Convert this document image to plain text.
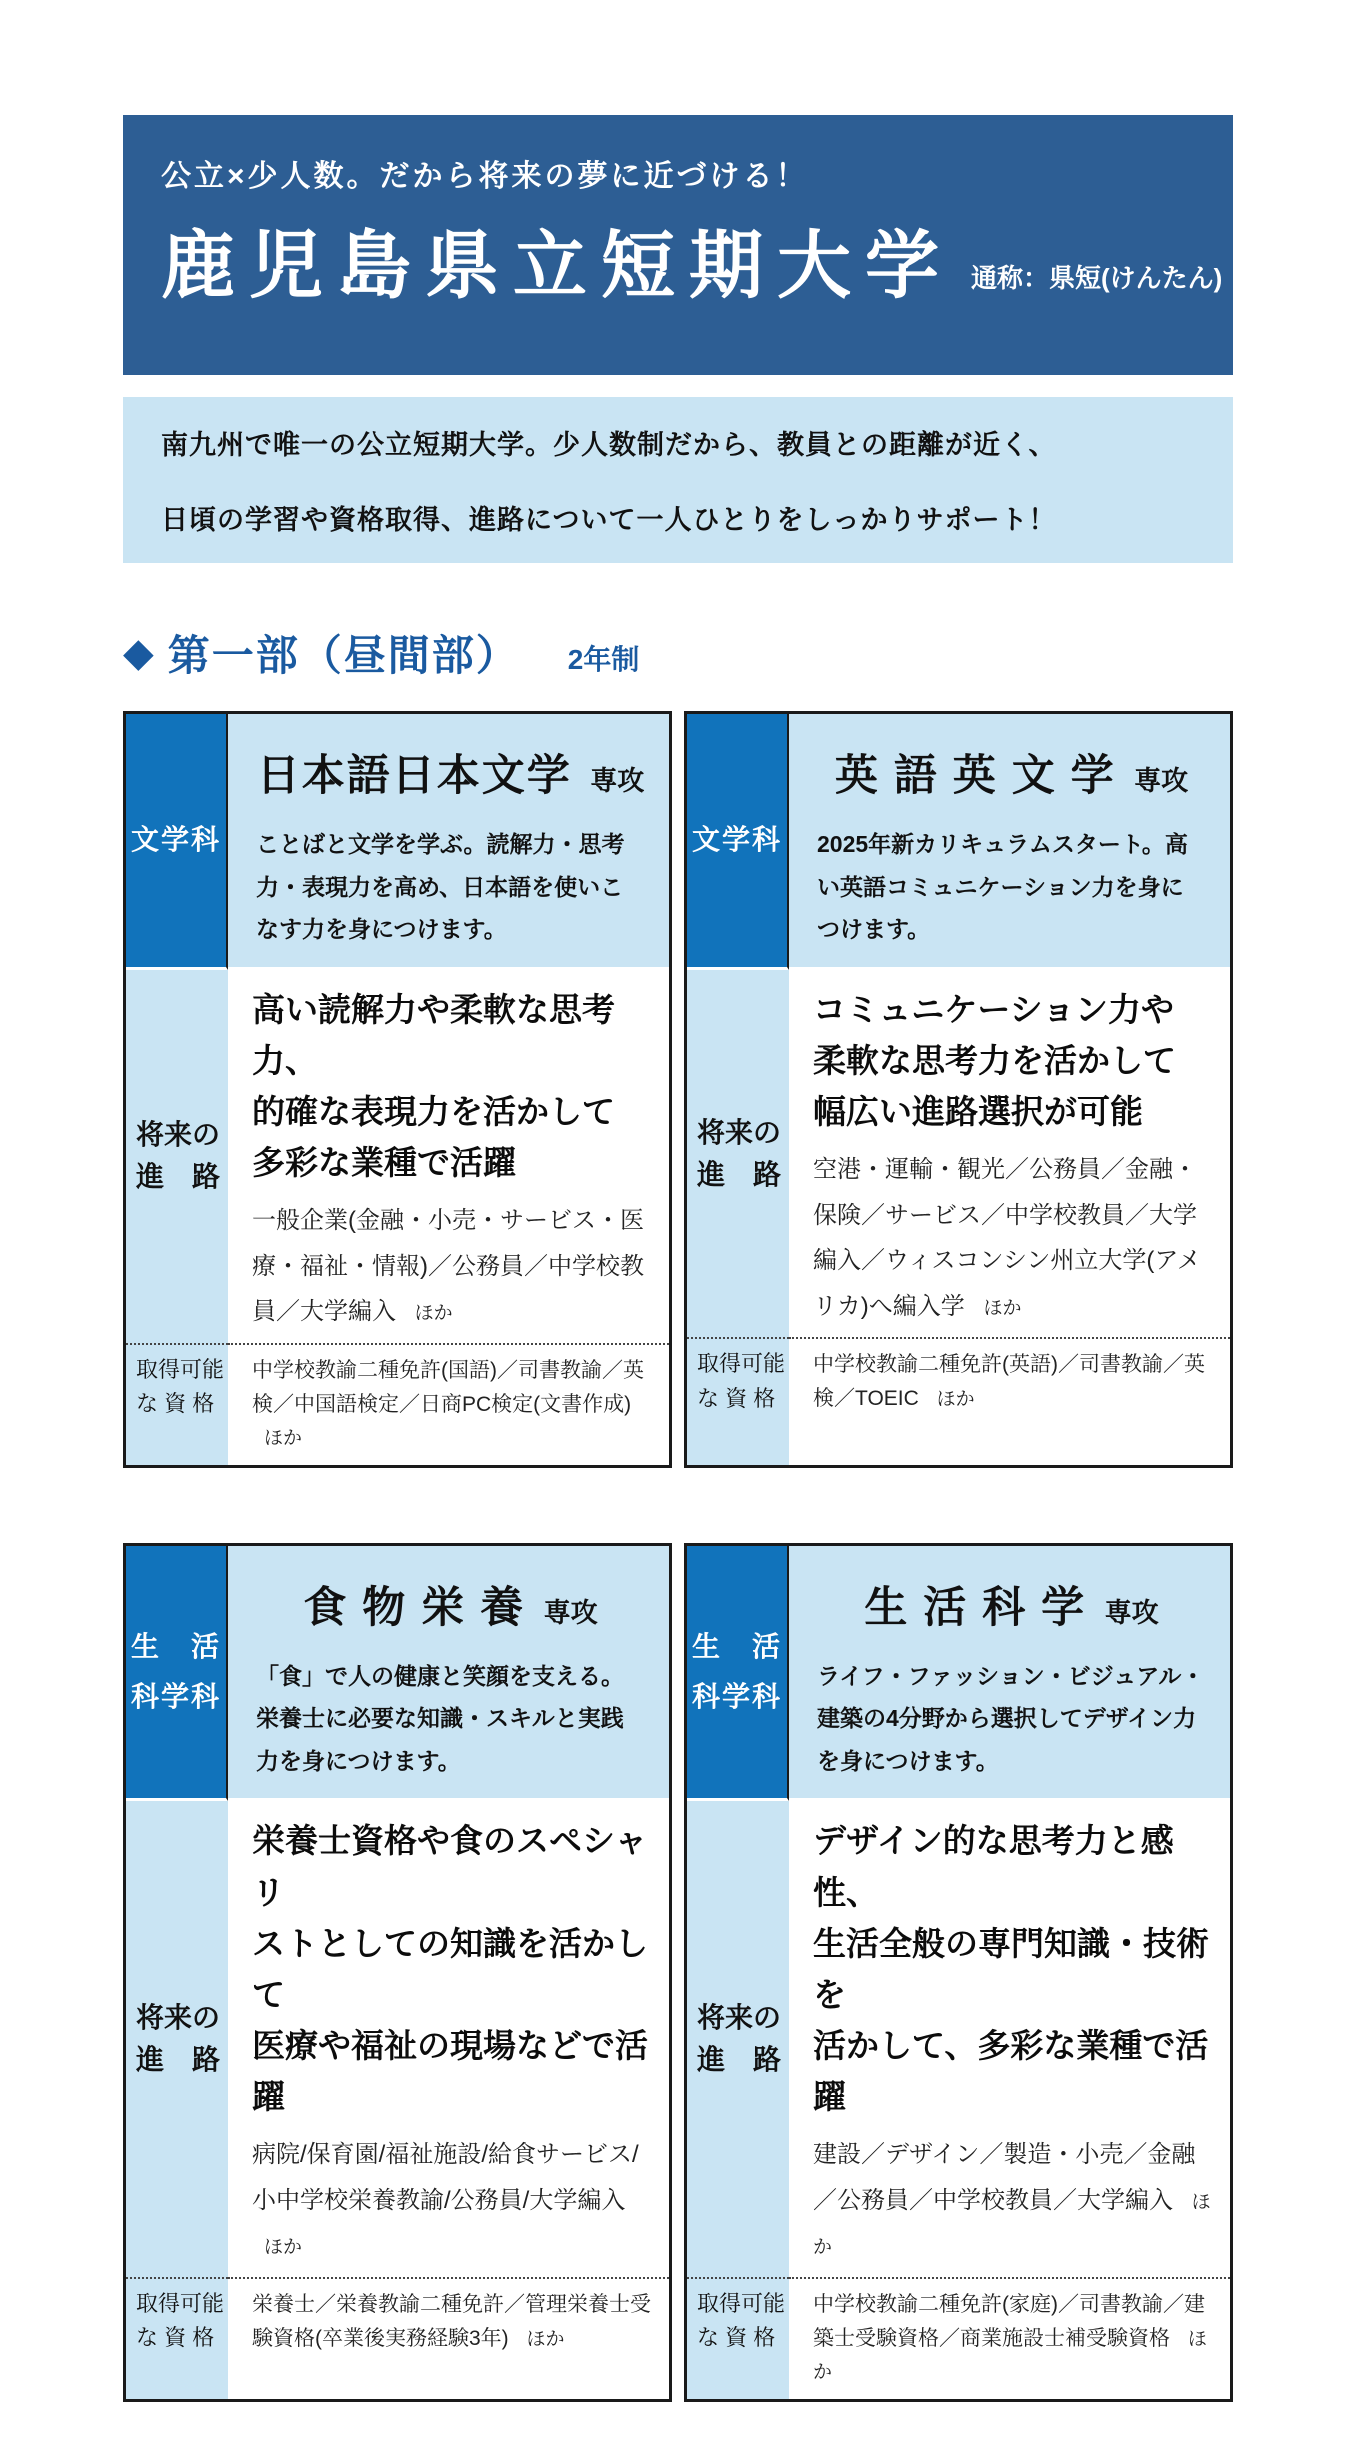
公立×少人数。だから将来の夢に近づける！
鹿児島県立短期大学 通称：県短(けんたん)

南九州で唯一の公立短期大学。少人数制だから、教員との距離が近く、

日頃の学習や資格取得、進路について一人ひとりをしっかりサポート！

◆ 第一部（昼間部） 2年制
文学科
日本語日本文学 専攻

ことばと文学を学ぶ。読解力・思考力・表現力を高め、日本語を使いこなす力を身につけます。

将来の
進　路
高い読解力や柔軟な思考力、
的確な表現力を活かして
多彩な業種で活躍

一般企業(金融・小売・サービス・医療・福祉・情報)／公務員／中学校教員／大学編入 ほか

取得可能
な 資 格
中学校教諭二種免許(国語)／司書教諭／英検／中国語検定／日商PC検定(文書作成) ほか
文学科
英 語 英 文 学 専攻

2025年新カリキュラムスタート。高い英語コミュニケーション力を身につけます。

将来の
進　路
コミュニケーション力や
柔軟な思考力を活かして
幅広い進路選択が可能

空港・運輸・観光／公務員／金融・保険／サービス／中学校教員／大学編入／ウィスコンシン州立大学(アメリカ)へ編入学 ほか

取得可能
な 資 格
中学校教諭二種免許(英語)／司書教諭／英検／TOEIC ほか
生　活
科学科
食 物 栄 養 専攻

「食」で人の健康と笑顔を支える。栄養士に必要な知識・スキルと実践力を身につけます。

将来の
進　路
栄養士資格や食のスペシャリ
ストとしての知識を活かして
医療や福祉の現場などで活躍

病院/保育園/福祉施設/給食サービス/小中学校栄養教諭/公務員/大学編入 ほか

取得可能
な 資 格
栄養士／栄養教諭二種免許／管理栄養士受験資格(卒業後実務経験3年) ほか
生　活
科学科
生 活 科 学 専攻

ライフ・ファッション・ビジュアル・建築の4分野から選択してデザイン力を身につけます。

将来の
進　路
デザイン的な思考力と感性、
生活全般の専門知識・技術を
活かして、多彩な業種で活躍

建設／デザイン／製造・小売／金融／公務員／中学校教員／大学編入 ほか

取得可能
な 資 格
中学校教諭二種免許(家庭)／司書教諭／建築士受験資格／商業施設士補受験資格 ほか
